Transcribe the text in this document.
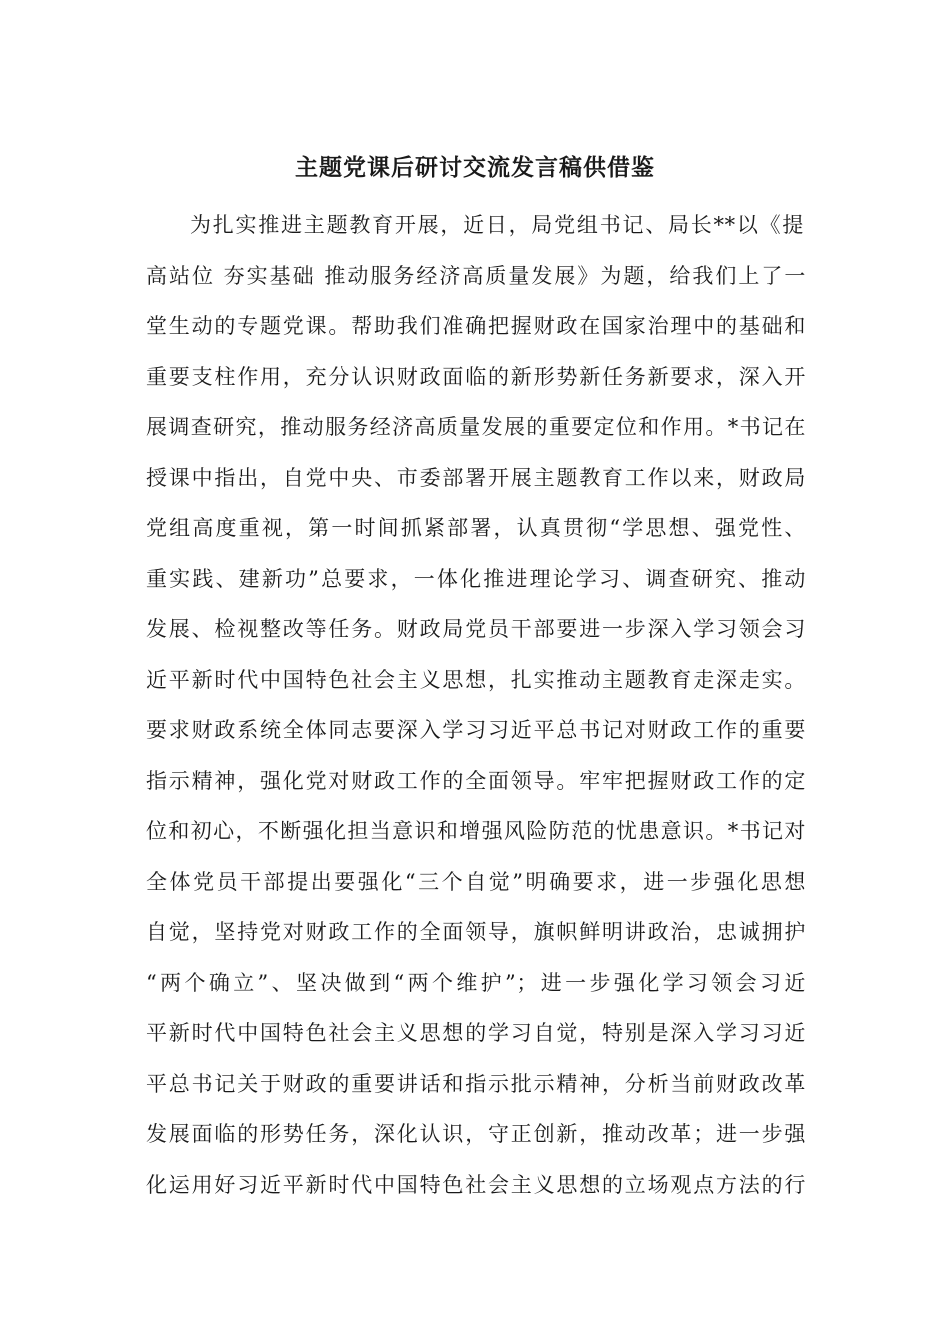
主题党课后研讨交流发言稿供借鉴
为扎实推进主题教育开展，近日，局党组书记、局长**以《提
高站位 夯实基础 推动服务经济高质量发展》为题，给我们上了一
堂生动的专题党课。帮助我们准确把握财政在国家治理中的基础和
重要支柱作用，充分认识财政面临的新形势新任务新要求，深入开
展调查研究，推动服务经济高质量发展的重要定位和作用。*书记在
授课中指出，自党中央、市委部署开展主题教育工作以来，财政局
党组高度重视，第一时间抓紧部署，认真贯彻“学思想、强党性、
重实践、建新功”总要求，一体化推进理论学习、调查研究、推动
发展、检视整改等任务。财政局党员干部要进一步深入学习领会习
近平新时代中国特色社会主义思想，扎实推动主题教育走深走实。
要求财政系统全体同志要深入学习习近平总书记对财政工作的重要
指示精神，强化党对财政工作的全面领导。牢牢把握财政工作的定
位和初心，不断强化担当意识和增强风险防范的忧患意识。*书记对
全体党员干部提出要强化“三个自觉”明确要求，进一步强化思想
自觉，坚持党对财政工作的全面领导，旗帜鲜明讲政治，忠诚拥护
“两个确立”、坚决做到“两个维护”；进一步强化学习领会习近
平新时代中国特色社会主义思想的学习自觉，特别是深入学习习近
平总书记关于财政的重要讲话和指示批示精神，分析当前财政改革
发展面临的形势任务，深化认识，守正创新，推动改革；进一步强
化运用好习近平新时代中国特色社会主义思想的立场观点方法的行
